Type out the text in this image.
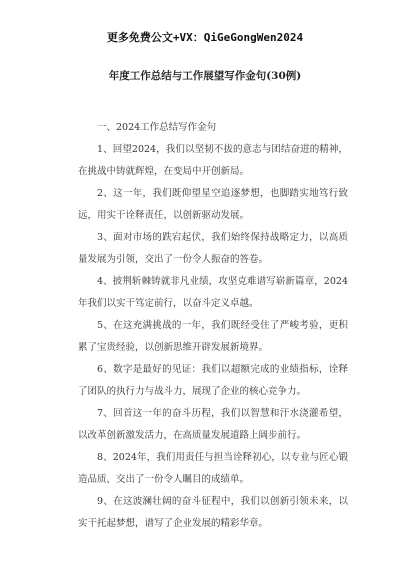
更多免费公文+VX：QiGeGongWen2024
年度工作总结与工作展望写作金句(30例)

一、2024工作总结写作金句

1、回望2024，我们以坚韧不拔的意志与团结奋进的精神，在挑战中铸就辉煌，在变局中开创新局。

2、这一年，我们既仰望星空追逐梦想，也脚踏实地笃行致远，用实干诠释责任，以创新驱动发展。

3、面对市场的跌宕起伏，我们始终保持战略定力，以高质量发展为引领，交出了一份令人振奋的答卷。

4、披荆斩棘铸就非凡业绩，攻坚克难谱写崭新篇章，2024年我们以实干笃定前行，以奋斗定义卓越。

5、在这充满挑战的一年，我们既经受住了严峻考验，更积累了宝贵经验，以创新思维开辟发展新境界。

6、数字是最好的见证：我们以超额完成的业绩指标，诠释了团队的执行力与战斗力，展现了企业的核心竞争力。

7、回首这一年的奋斗历程，我们以智慧和汗水浇灌希望，以改革创新激发活力，在高质量发展道路上阔步前行。

8、2024年，我们用责任与担当诠释初心，以专业与匠心锻造品质，交出了一份令人瞩目的成绩单。

9、在这波澜壮阔的奋斗征程中，我们以创新引领未来，以实干托起梦想，谱写了企业发展的精彩华章。
